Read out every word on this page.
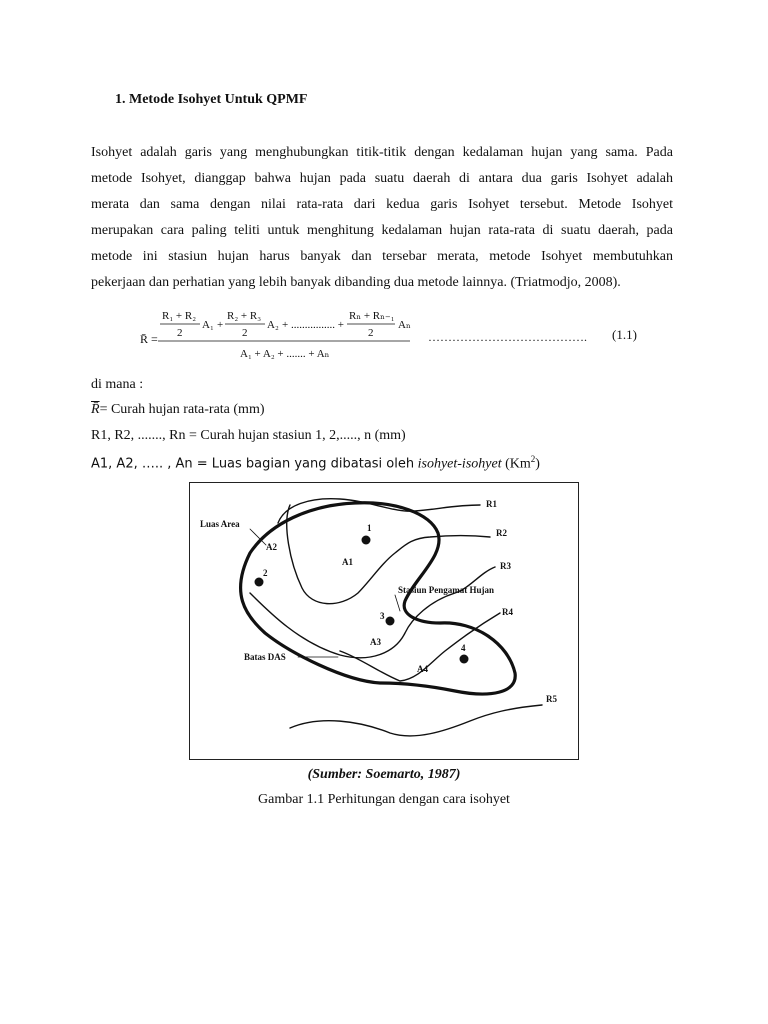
1. Metode Isohyet Untuk QPMF
Isohyet adalah garis yang menghubungkan titik-titik dengan kedalaman hujan yang sama. Pada
metode Isohyet, dianggap bahwa hujan pada suatu daerah di antara dua garis Isohyet adalah
merata dan sama dengan nilai rata-rata dari kedua garis Isohyet tersebut. Metode Isohyet
merupakan cara paling teliti untuk menghitung kedalaman hujan rata-rata di suatu daerah, pada
metode ini stasiun hujan harus banyak dan tersebar merata, metode Isohyet membutuhkan
pekerjaan dan perhatian yang lebih banyak dibanding dua metode lainnya. (Triatmodjo, 2008).
R̄ =
R₁ + R₂
2
A₁ +
R₂ + R₃
2
A₂ + ................ +
Rₙ + Rₙ₋₁
2
Aₙ
A₁ + A₂ + ....... + Aₙ
…………………………………. (1.1)
di mana :
R̄= Curah hujan rata-rata (mm)
R1, R2, ......., Rn = Curah hujan stasiun 1, 2,....., n (mm)
A1, A2, ….. , An = Luas bagian yang dibatasi oleh isohyet-isohyet (Km$^2$)
R1
R2
R3
R4
R5
Luas Area
A2
A1
A3
A4
Stasiun Pengamat Hujan
Batas DAS
1
2
3
4
(Sumber: Soemarto, 1987)
Gambar 1.1 Perhitungan dengan cara isohyet
